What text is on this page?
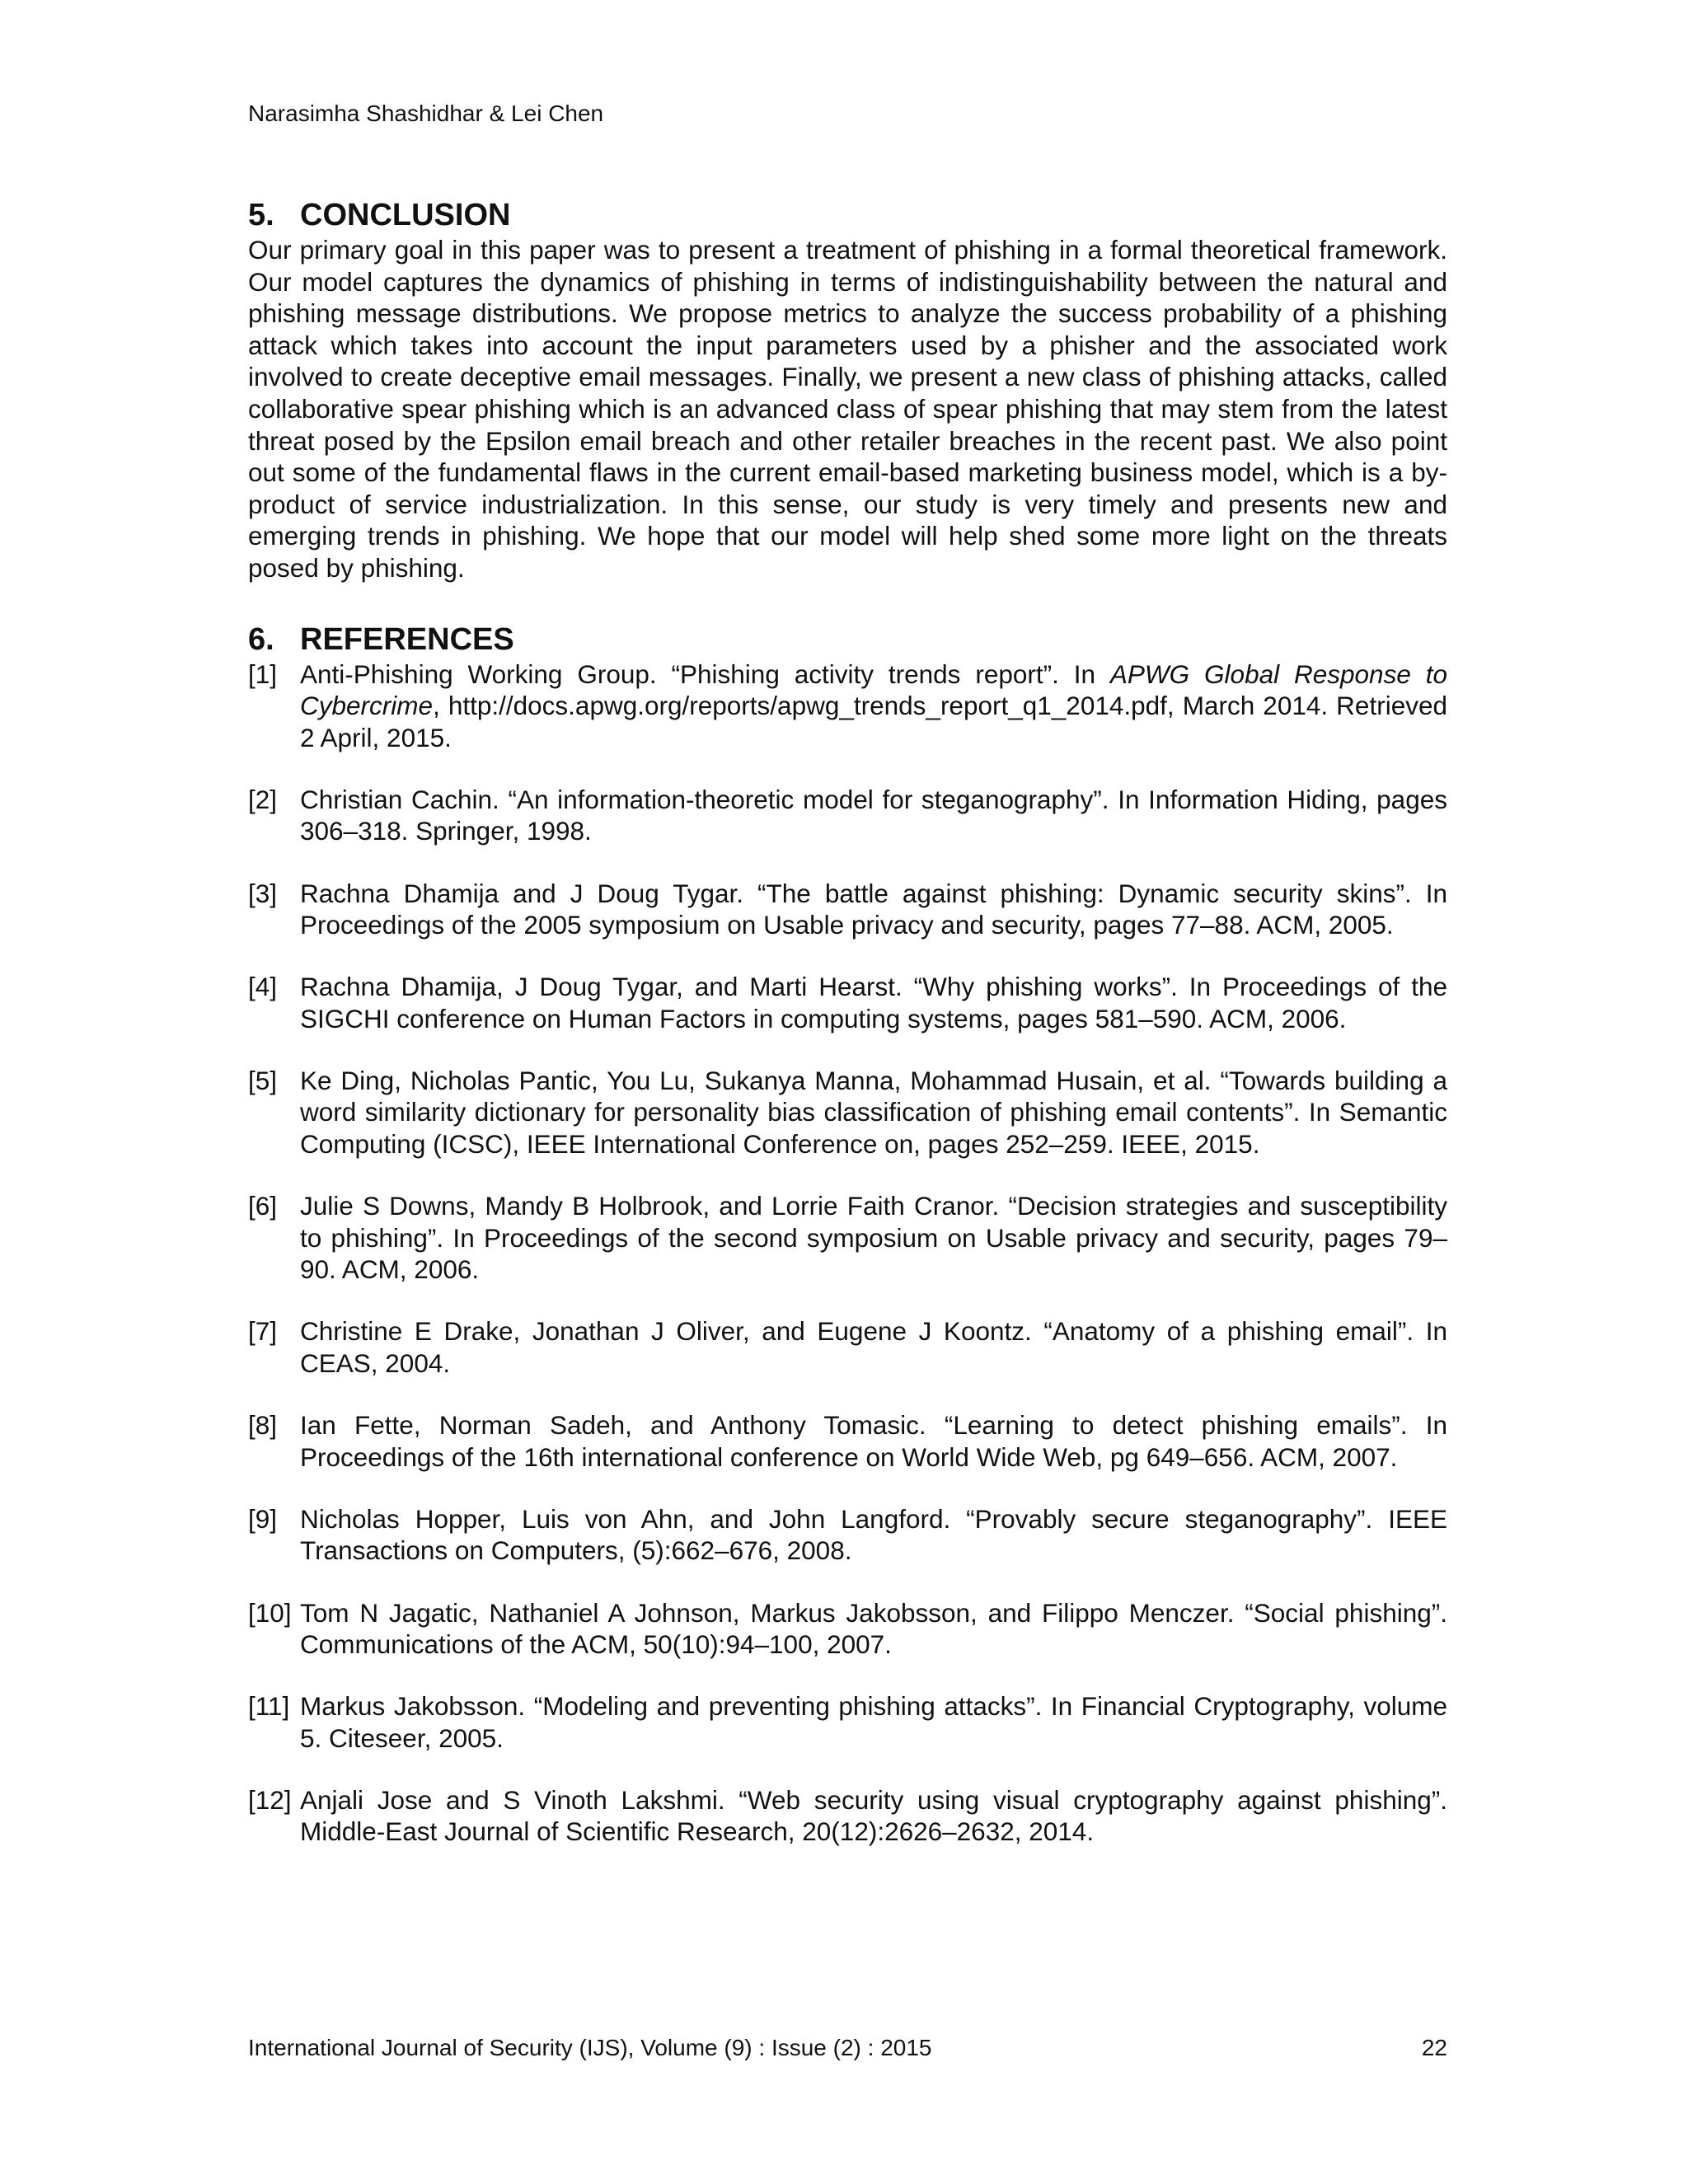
Narasimha Shashidhar & Lei Chen
5. CONCLUSION

Our primary goal in this paper was to present a treatment of phishing in a formal theoretical framework. Our model captures the dynamics of phishing in terms of indistinguishability between the natural and phishing message distributions. We propose metrics to analyze the success probability of a phishing attack which takes into account the input parameters used by a phisher and the associated work involved to create deceptive email messages. Finally, we present a new class of phishing attacks, called collaborative spear phishing which is an advanced class of spear phishing that may stem from the latest threat posed by the Epsilon email breach and other retailer breaches in the recent past. We also point out some of the fundamental flaws in the current email-based marketing business model, which is a by-product of service industrialization. In this sense, our study is very timely and presents new and emerging trends in phishing. We hope that our model will help shed some more light on the threats posed by phishing.

6. REFERENCES
[1] Anti-Phishing Working Group. “Phishing activity trends report”. In APWG Global Response to Cybercrime, http://docs.apwg.org/reports/apwg_trends_report_q1_2014.pdf, March 2014. Retrieved 2 April, 2015.
[2] Christian Cachin. “An information-theoretic model for steganography”. In Information Hiding, pages 306–318. Springer, 1998.
[3] Rachna Dhamija and J Doug Tygar. “The battle against phishing: Dynamic security skins”. In Proceedings of the 2005 symposium on Usable privacy and security, pages 77–88. ACM, 2005.
[4] Rachna Dhamija, J Doug Tygar, and Marti Hearst. “Why phishing works”. In Proceedings of the SIGCHI conference on Human Factors in computing systems, pages 581–590. ACM, 2006.
[5] Ke Ding, Nicholas Pantic, You Lu, Sukanya Manna, Mohammad Husain, et al. “Towards building a word similarity dictionary for personality bias classification of phishing email contents”. In Semantic Computing (ICSC), IEEE International Conference on, pages 252–259. IEEE, 2015.
[6] Julie S Downs, Mandy B Holbrook, and Lorrie Faith Cranor. “Decision strategies and susceptibility to phishing”. In Proceedings of the second symposium on Usable privacy and security, pages 79–90. ACM, 2006.
[7] Christine E Drake, Jonathan J Oliver, and Eugene J Koontz. “Anatomy of a phishing email”. In CEAS, 2004.
[8] Ian Fette, Norman Sadeh, and Anthony Tomasic. “Learning to detect phishing emails”. In Proceedings of the 16th international conference on World Wide Web, pg 649–656. ACM, 2007.
[9] Nicholas Hopper, Luis von Ahn, and John Langford. “Provably secure steganography”. IEEE Transactions on Computers, (5):662–676, 2008.
[10] Tom N Jagatic, Nathaniel A Johnson, Markus Jakobsson, and Filippo Menczer. “Social phishing”. Communications of the ACM, 50(10):94–100, 2007.
[11] Markus Jakobsson. “Modeling and preventing phishing attacks”. In Financial Cryptography, volume 5. Citeseer, 2005.
[12] Anjali Jose and S Vinoth Lakshmi. “Web security using visual cryptography against phishing”. Middle-East Journal of Scientific Research, 20(12):2626–2632, 2014.
International Journal of Security (IJS), Volume (9) : Issue (2) : 2015	22
